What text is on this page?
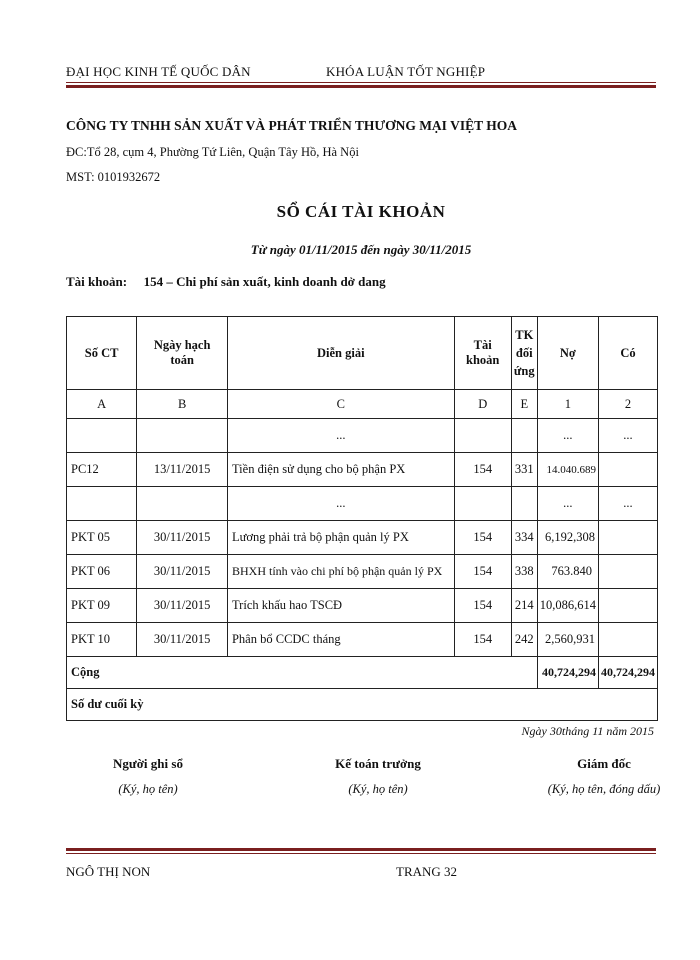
ĐẠI HỌC KINH TẾ QUỐC DÂN	KHÓA LUẬN TỐT NGHIỆP
CÔNG TY TNHH SẢN XUẤT VÀ PHÁT TRIỂN THƯƠNG MẠI VIỆT HOA
ĐC:Tổ 28, cụm 4, Phường Tứ Liên, Quận Tây Hồ, Hà Nội
MST: 0101932672
SỔ CÁI TÀI KHOẢN
Từ ngày 01/11/2015 đến ngày 30/11/2015
Tài khoản: 154 – Chi phí sản xuất, kinh doanh dở dang
Số CT	Ngày hạch toán	Diễn giải	Tài khoản	TK đối ứng	Nợ	Có
A	B	C	D	E	1	2
		...			...	...
PC12	13/11/2015	Tiền điện sử dụng cho bộ phận PX	154	331	14.040.689	
		...			...	...
PKT 05	30/11/2015	Lương phải trả bộ phận quản lý PX	154	334	6,192,308	
PKT 06	30/11/2015	BHXH tính vào chi phí bộ phận quản lý PX	154	338	763.840	
PKT 09	30/11/2015	Trích khấu hao TSCĐ	154	214	10,086,614	
PKT 10	30/11/2015	Phân bổ CCDC tháng	154	242	2,560,931	
Cộng					40,724,294	40,724,294
Số dư cuối kỳ						
Ngày 30tháng 11 năm 2015
Người ghi sổ
(Ký, họ tên)
Kế toán trưởng
(Ký, họ tên)
Giám đốc
(Ký, họ tên, đóng dấu)
NGÔ THỊ NON	TRANG 32
